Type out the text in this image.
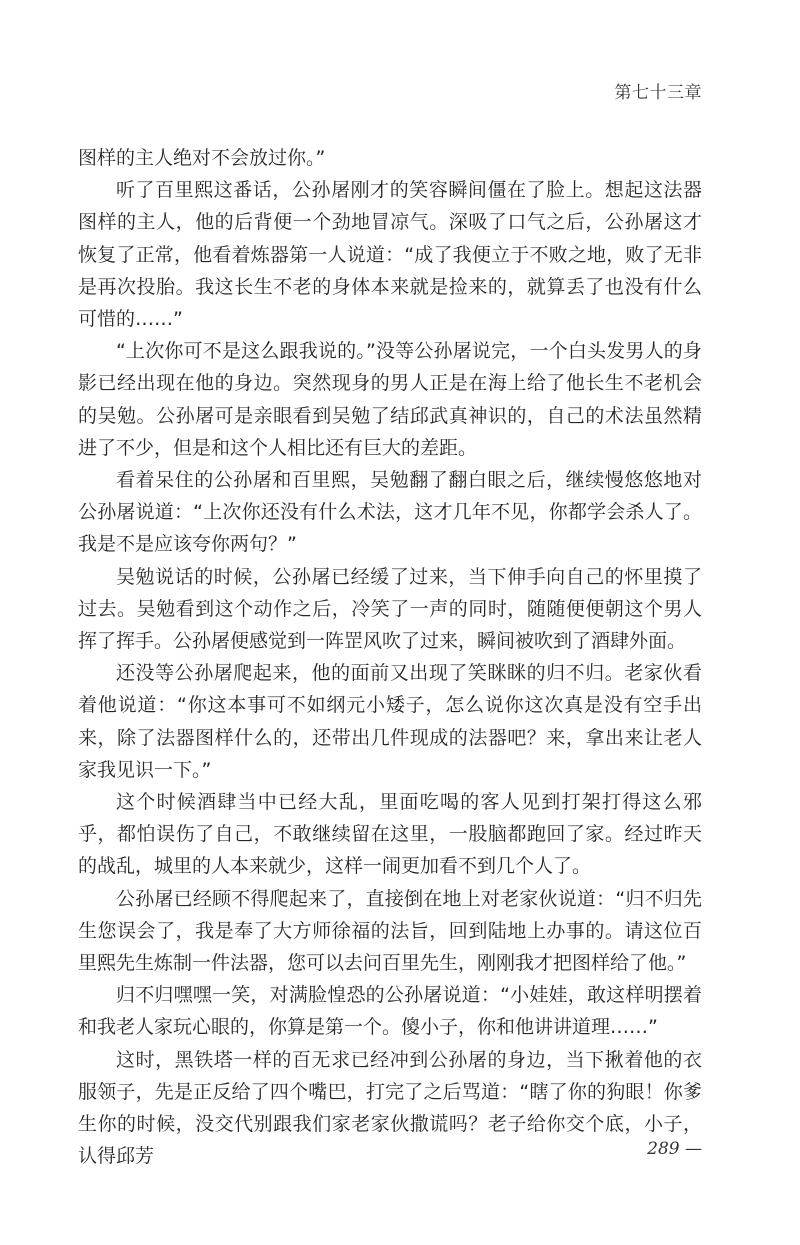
第七十三章

图样的主人绝对不会放过你。”

听了百里熙这番话，公孙屠刚才的笑容瞬间僵在了脸上。想起这法器图样的主人，他的后背便一个劲地冒凉气。深吸了口气之后，公孙屠这才恢复了正常，他看着炼器第一人说道：“成了我便立于不败之地，败了无非是再次投胎。我这长生不老的身体本来就是捡来的，就算丢了也没有什么可惜的……”

“上次你可不是这么跟我说的。”没等公孙屠说完，一个白头发男人的身影已经出现在他的身边。突然现身的男人正是在海上给了他长生不老机会的吴勉。公孙屠可是亲眼看到吴勉了结邱武真神识的，自己的术法虽然精进了不少，但是和这个人相比还有巨大的差距。

看着呆住的公孙屠和百里熙，吴勉翻了翻白眼之后，继续慢悠悠地对公孙屠说道：“上次你还没有什么术法，这才几年不见，你都学会杀人了。我是不是应该夸你两句？”

吴勉说话的时候，公孙屠已经缓了过来，当下伸手向自己的怀里摸了过去。吴勉看到这个动作之后，冷笑了一声的同时，随随便便朝这个男人挥了挥手。公孙屠便感觉到一阵罡风吹了过来，瞬间被吹到了酒肆外面。

还没等公孙屠爬起来，他的面前又出现了笑眯眯的归不归。老家伙看着他说道：“你这本事可不如纲元小矮子，怎么说你这次真是没有空手出来，除了法器图样什么的，还带出几件现成的法器吧？来，拿出来让老人家我见识一下。”

这个时候酒肆当中已经大乱，里面吃喝的客人见到打架打得这么邪乎，都怕误伤了自己，不敢继续留在这里，一股脑都跑回了家。经过昨天的战乱，城里的人本来就少，这样一闹更加看不到几个人了。

公孙屠已经顾不得爬起来了，直接倒在地上对老家伙说道：“归不归先生您误会了，我是奉了大方师徐福的法旨，回到陆地上办事的。请这位百里熙先生炼制一件法器，您可以去问百里先生，刚刚我才把图样给了他。”

归不归嘿嘿一笑，对满脸惶恐的公孙屠说道：“小娃娃，敢这样明摆着和我老人家玩心眼的，你算是第一个。傻小子，你和他讲讲道理……”

这时，黑铁塔一样的百无求已经冲到公孙屠的身边，当下揪着他的衣服领子，先是正反给了四个嘴巴，打完了之后骂道：“瞎了你的狗眼！你爹生你的时候，没交代别跟我们家老家伙撒谎吗？老子给你交个底，小子，认得邱芳	289 —
